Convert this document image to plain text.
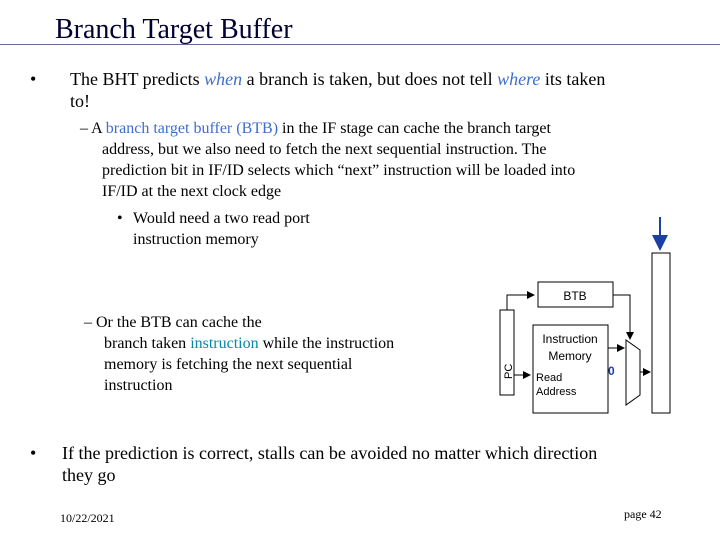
Branch Target Buffer
• The BHT predicts when a branch is taken, but does not tell where its taken
to!
– A branch target buffer (BTB) in the IF stage can cache the branch target
address, but we also need to fetch the next sequential instruction. The
prediction bit in IF/ID selects which “next” instruction will be loaded into
IF/ID at the next clock edge
• Would need a two read port
instruction memory
– Or the BTB can cache the
branch taken instruction while the instruction
memory is fetching the next sequential
instruction
PC
BTB
Instruction
Memory
Read
Address
0
• If the prediction is correct, stalls can be avoided no matter which direction
they go
10/22/2021	page 42
